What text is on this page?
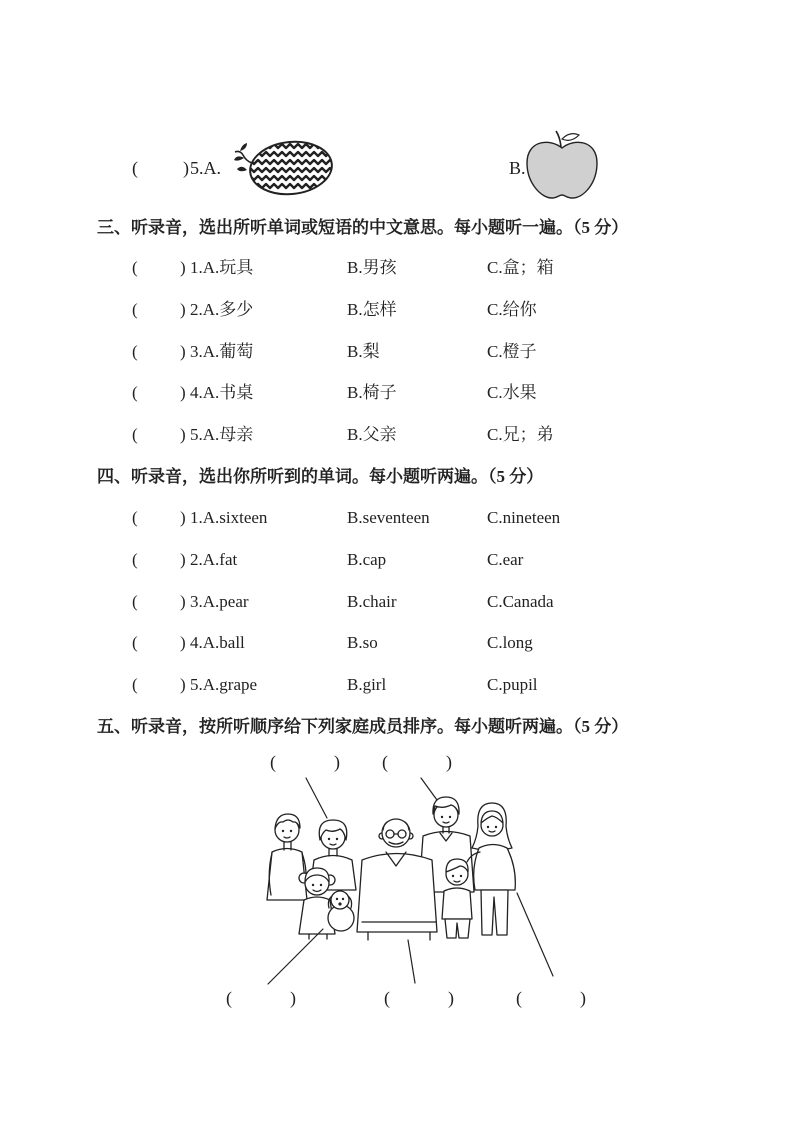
(	) 5.A.	B.
三、听录音，选出所听单词或短语的中文意思。每小题听一遍。（5 分）
( ) 1.A.玩具	B.男孩	C.盒；箱
( ) 2.A.多少	B.怎样	C.给你
( ) 3.A.葡萄	B.梨	C.橙子
( ) 4.A.书桌	B.椅子	C.水果
( ) 5.A.母亲	B.父亲	C.兄；弟
四、听录音，选出你所听到的单词。每小题听两遍。（5 分）
( ) 1.A.sixteen	B.seventeen	C.nineteen
( ) 2.A.fat	B.cap	C.ear
( ) 3.A.pear	B.chair	C.Canada
( ) 4.A.ball	B.so	C.long
( ) 5.A.grape	B.girl	C.pupil
五、听录音，按所听顺序给下列家庭成员排序。每小题听两遍。（5 分）
(	) (	)
(	)	(	)	(	)
